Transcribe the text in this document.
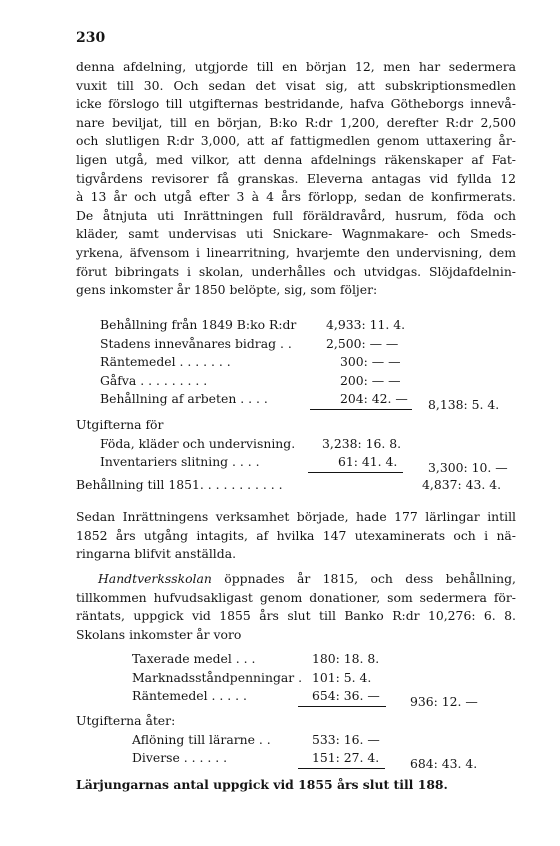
230
denna afdelning, utgjorde till en början 12, men har sedermera
vuxit till 30. Och sedan det visat sig, att subskriptionsmedlen
icke förslogo till utgifternas bestridande, hafva Götheborgs innevå-
nare beviljat, till en början, B:ko R:dr 1,200, derefter R:dr 2,500
och slutligen R:dr 3,000, att af fattigmedlen genom uttaxering år-
ligen utgå, med vilkor, att denna afdelnings räkenskaper af Fat-
tigvårdens revisorer få granskas. Eleverna antagas vid fyllda 12
à 13 år och utgå efter 3 à 4 års förlopp, sedan de konfirmerats.
De åtnjuta uti Inrättningen full föräldravård, husrum, föda och
kläder, samt undervisas uti Snickare- Wagnmakare- och Smeds-
yrkena, äfvensom i linearritning, hvarjemte den undervisning, dem
förut bibringats i skolan, underhålles och utvidgas. Slöjdafdelnin-
gens inkomster år 1850 belöpte, sig, som följer:
Behållning från 1849 B:ko R:dr 4,933: 11. 4.
Stadens innevånares bidrag . .	2,500: — —
Räntemedel . . . . . . .	300: — —
Gåfva . . . . . . . . .	200: — —
Behållning af arbeten . . . .	204: 42. —	8,138: 5. 4.
Utgifterna för
Föda, kläder och undervisning. 3,238: 16. 8.
Inventariers slitning . . . .	61: 41. 4.	3,300: 10. —
Behållning till 1851. . . . . . . . . . .	4,837: 43. 4.
Sedan Inrättningens verksamhet började, hade 177 lärlingar intill
1852 års utgång intagits, af hvilka 147 utexaminerats och i nä-
ringarna blifvit anställda.
Handtverksskolan öppnades år 1815, och dess behållning,
tillkommen hufvudsakligast genom donationer, som sedermera för-
räntats, uppgick vid 1855 års slut till Banko R:dr 10,276: 6. 8.
Skolans inkomster år voro
Taxerade medel . . .	180: 18. 8.
Marknadsståndpenningar . 101: 5. 4.
Räntemedel . . . . .	654: 36. —	936: 12. —
Utgifterna åter:
Aflöning till lärarne . .	533: 16. —
Diverse . . . . . .	151: 27. 4.	684: 43. 4.
Lärjungarnas antal uppgick vid 1855 års slut till 188.
